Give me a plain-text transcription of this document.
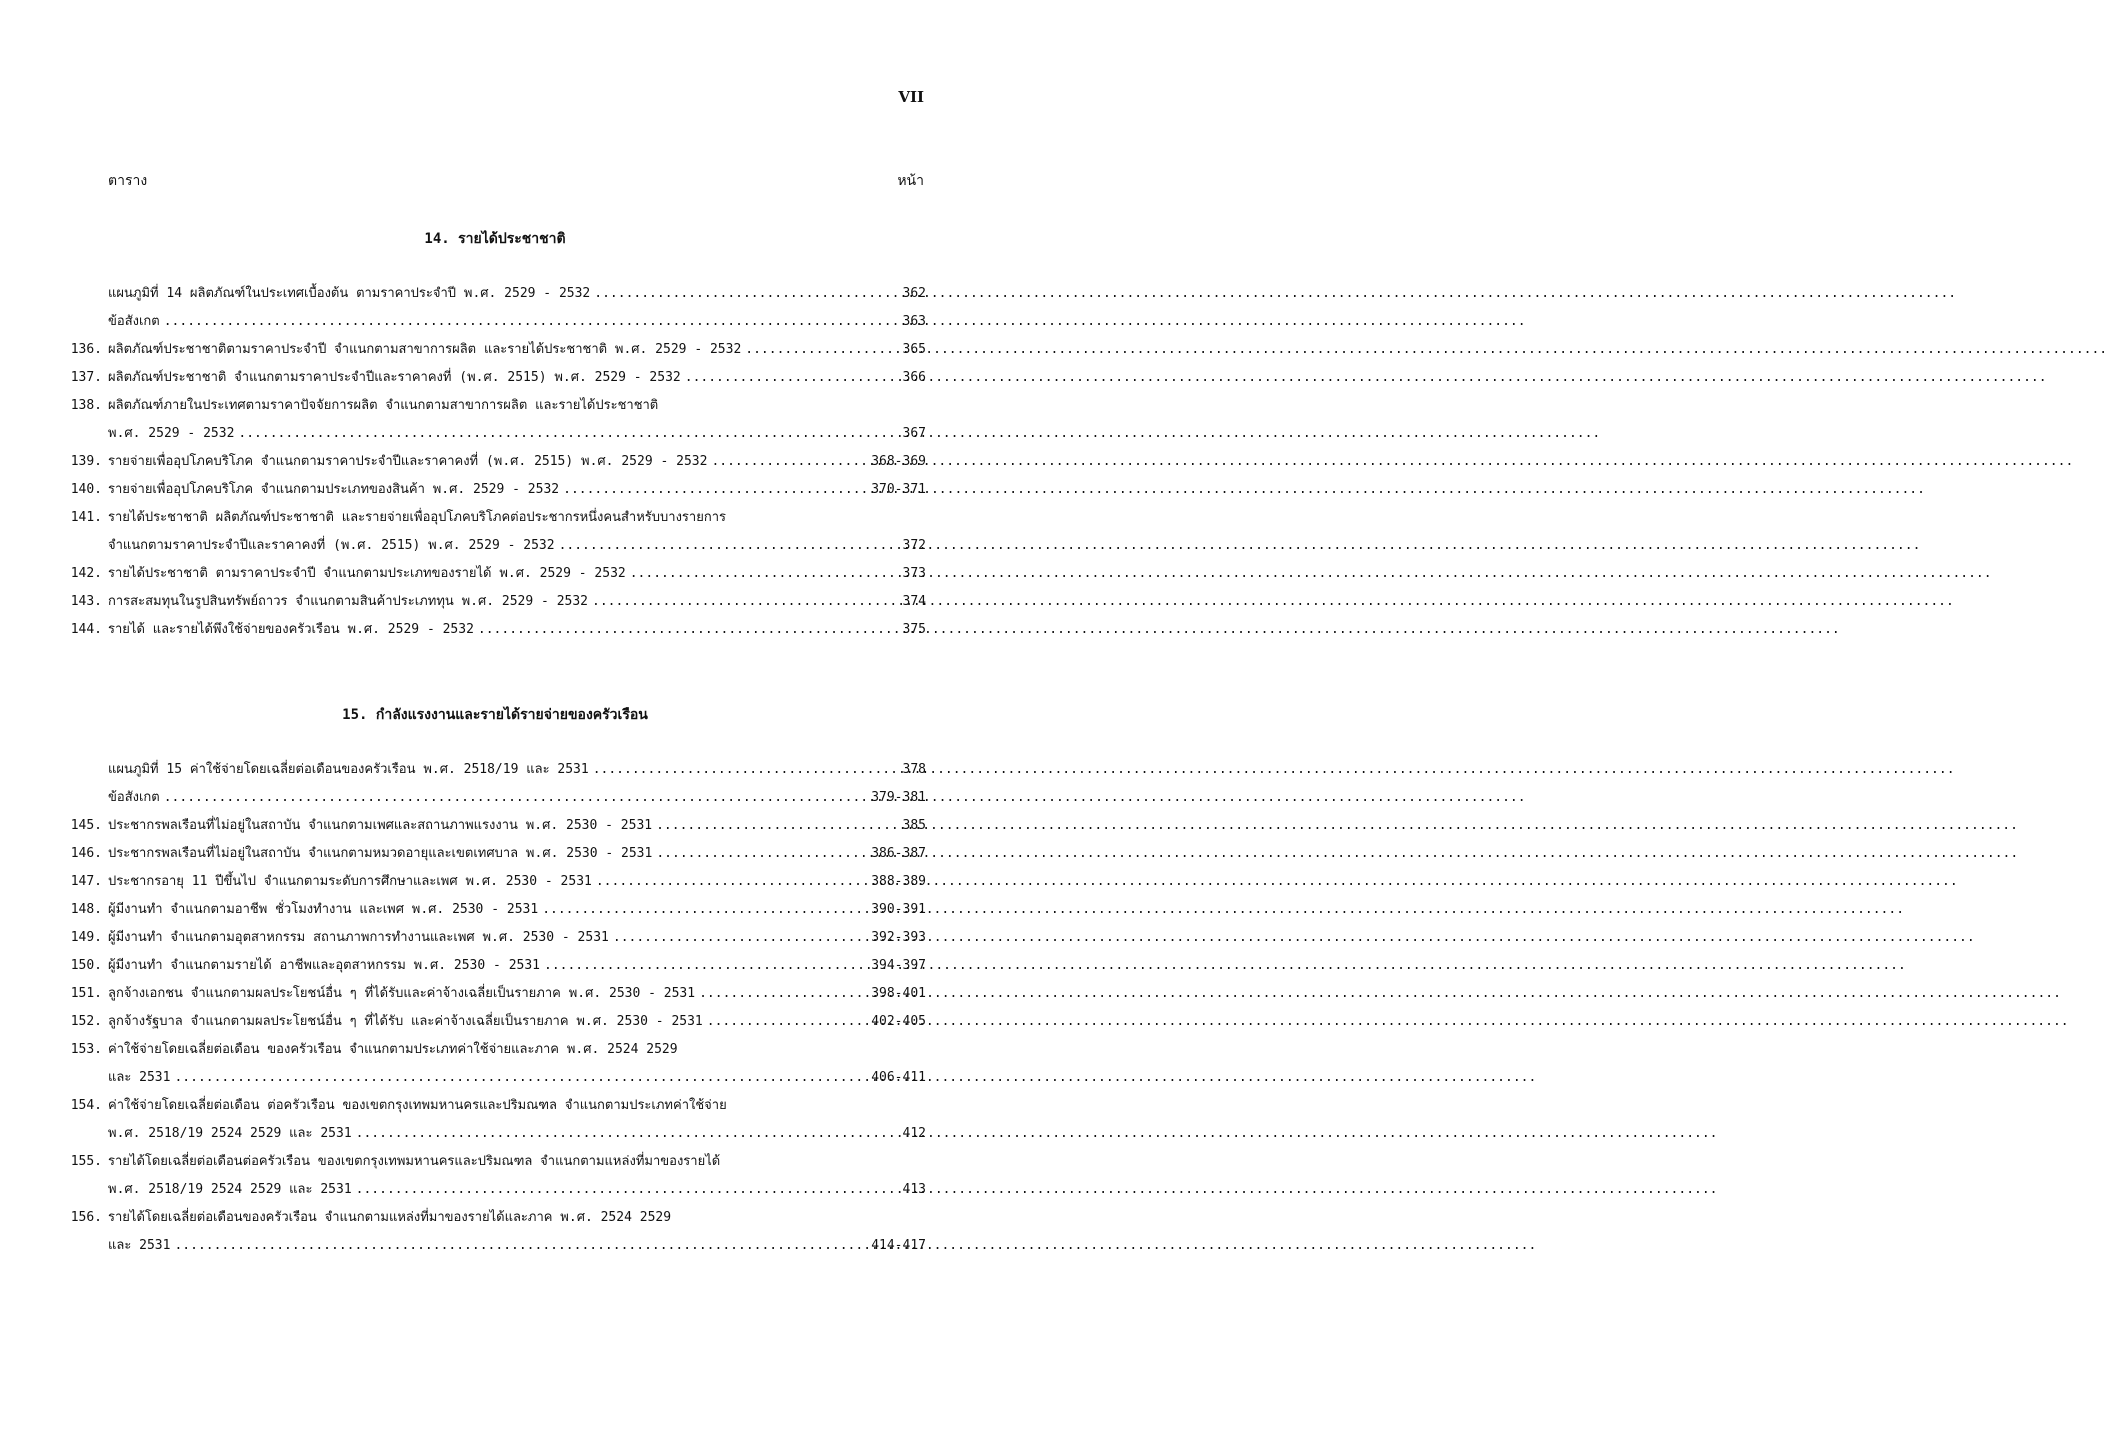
VII
ตาราง	หน้า
14. รายได้ประชาชาติ
แผนภูมิที่ 14 ผลิตภัณฑ์ในประเทศเบื้องต้น ตามราคาประจำปี พ.ศ. 2529 - 2532 .....	362
ข้อสังเกต .....	363
136. ผลิตภัณฑ์ประชาชาติตามราคาประจำปี จำแนกตามสาขาการผลิต และรายได้ประชาชาติ พ.ศ. 2529 - 2532 .....	365
137. ผลิตภัณฑ์ประชาชาติ จำแนกตามราคาประจำปีและราคาคงที่ (พ.ศ. 2515) พ.ศ. 2529 - 2532 .....	366
138. ผลิตภัณฑ์ภายในประเทศตามราคาปัจจัยการผลิต จำแนกตามสาขาการผลิต และรายได้ประชาชาติ
พ.ศ. 2529 - 2532 .....	367
139. รายจ่ายเพื่ออุปโภคบริโภค จำแนกตามราคาประจำปีและราคาคงที่ (พ.ศ. 2515) พ.ศ. 2529 - 2532 .....	368-369
140. รายจ่ายเพื่ออุปโภคบริโภค จำแนกตามประเภทของสินค้า พ.ศ. 2529 - 2532 .....	370-371
141. รายได้ประชาชาติ ผลิตภัณฑ์ประชาชาติ และรายจ่ายเพื่ออุปโภคบริโภคต่อประชากรหนึ่งคนสำหรับบางรายการ
จำแนกตามราคาประจำปีและราคาคงที่ (พ.ศ. 2515) พ.ศ. 2529 - 2532 .....	372
142. รายได้ประชาชาติ ตามราคาประจำปี จำแนกตามประเภทของรายได้ พ.ศ. 2529 - 2532 .....	373
143. การสะสมทุนในรูปสินทรัพย์ถาวร จำแนกตามสินค้าประเภททุน พ.ศ. 2529 - 2532 .....	374
144. รายได้ และรายได้พึงใช้จ่ายของครัวเรือน พ.ศ. 2529 - 2532 .....	375
15. กำลังแรงงานและรายได้รายจ่ายของครัวเรือน
แผนภูมิที่ 15 ค่าใช้จ่ายโดยเฉลี่ยต่อเดือนของครัวเรือน พ.ศ. 2518/19 และ 2531 .....	378
ข้อสังเกต .....	379-381
145. ประชากรพลเรือนที่ไม่อยู่ในสถาบัน จำแนกตามเพศและสถานภาพแรงงาน พ.ศ. 2530 - 2531 .....	385
146. ประชากรพลเรือนที่ไม่อยู่ในสถาบัน จำแนกตามหมวดอายุและเขตเทศบาล พ.ศ. 2530 - 2531 .....	386-387
147. ประชากรอายุ 11 ปีขึ้นไป จำแนกตามระดับการศึกษาและเพศ พ.ศ. 2530 - 2531 .....	388-389
148. ผู้มีงานทำ จำแนกตามอาชีพ ชั่วโมงทำงาน และเพศ พ.ศ. 2530 - 2531 .....	390-391
149. ผู้มีงานทำ จำแนกตามอุตสาหกรรม สถานภาพการทำงานและเพศ พ.ศ. 2530 - 2531 .....	392-393
150. ผู้มีงานทำ จำแนกตามรายได้ อาชีพและอุตสาหกรรม พ.ศ. 2530 - 2531 .....	394-397
151. ลูกจ้างเอกชน จำแนกตามผลประโยชน์อื่น ๆ ที่ได้รับและค่าจ้างเฉลี่ยเป็นรายภาค พ.ศ. 2530 - 2531 .....	398-401
152. ลูกจ้างรัฐบาล จำแนกตามผลประโยชน์อื่น ๆ ที่ได้รับ และค่าจ้างเฉลี่ยเป็นรายภาค พ.ศ. 2530 - 2531 .....	402-405
153. ค่าใช้จ่ายโดยเฉลี่ยต่อเดือน ของครัวเรือน จำแนกตามประเภทค่าใช้จ่ายและภาค พ.ศ. 2524 2529
และ 2531 .....	406-411
154. ค่าใช้จ่ายโดยเฉลี่ยต่อเดือน ต่อครัวเรือน ของเขตกรุงเทพมหานครและปริมณฑล จำแนกตามประเภทค่าใช้จ่าย
พ.ศ. 2518/19 2524 2529 และ 2531 .....	412
155. รายได้โดยเฉลี่ยต่อเดือนต่อครัวเรือน ของเขตกรุงเทพมหานครและปริมณฑล จำแนกตามแหล่งที่มาของรายได้
พ.ศ. 2518/19 2524 2529 และ 2531 .....	413
156. รายได้โดยเฉลี่ยต่อเดือนของครัวเรือน จำแนกตามแหล่งที่มาของรายได้และภาค พ.ศ. 2524 2529
และ 2531 .....	414-417
